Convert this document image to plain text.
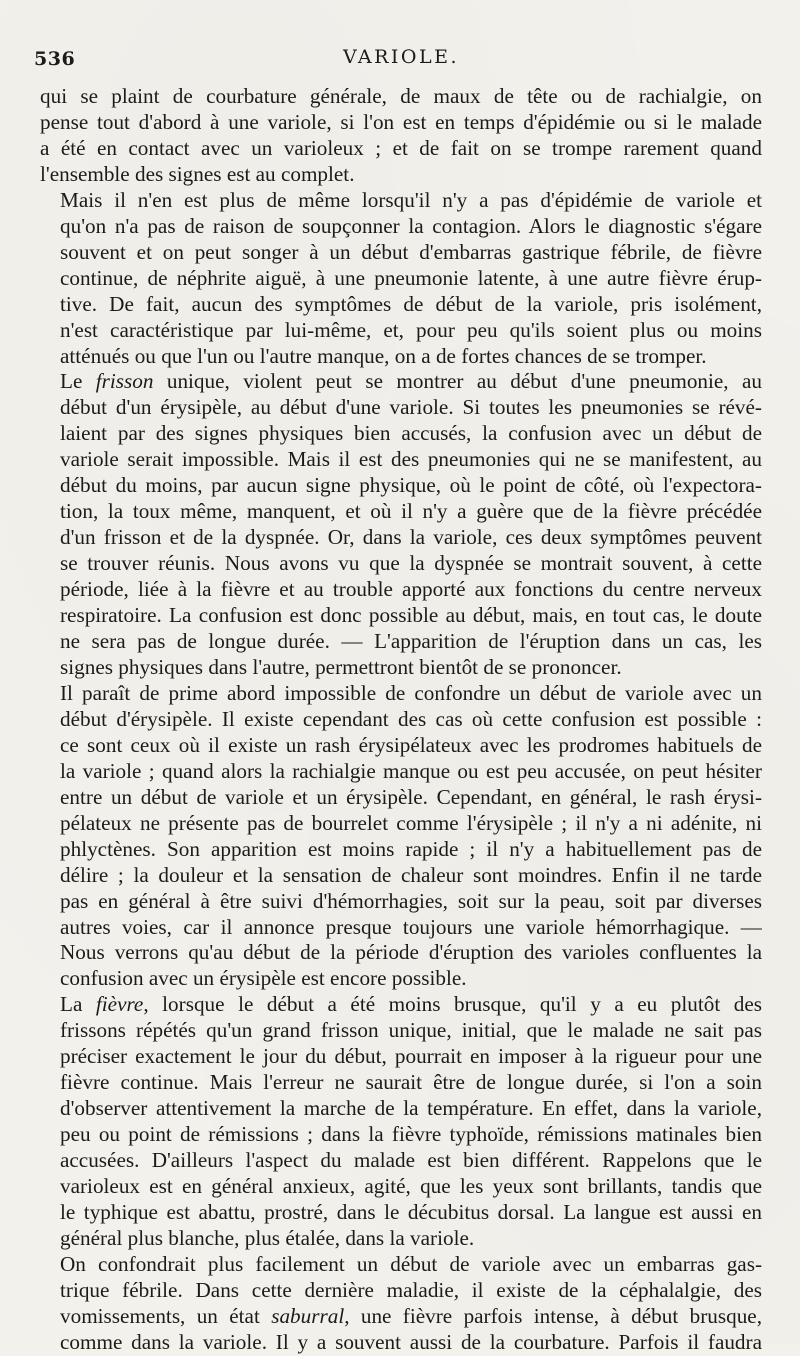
536	VARIOLE.

qui se plaint de courbature générale, de maux de tête ou de rachialgie, on
pense tout d'abord à une variole, si l'on est en temps d'épidémie ou si le malade
a été en contact avec un varioleux ; et de fait on se trompe rarement quand
l'ensemble des signes est au complet.

Mais il n'en est plus de même lorsqu'il n'y a pas d'épidémie de variole et
qu'on n'a pas de raison de soupçonner la contagion. Alors le diagnostic s'égare
souvent et on peut songer à un début d'embarras gastrique fébrile, de fièvre
continue, de néphrite aiguë, à une pneumonie latente, à une autre fièvre érup-
tive. De fait, aucun des symptômes de début de la variole, pris isolément,
n'est caractéristique par lui-même, et, pour peu qu'ils soient plus ou moins
atténués ou que l'un ou l'autre manque, on a de fortes chances de se tromper.

Le frisson unique, violent peut se montrer au début d'une pneumonie, au
début d'un érysipèle, au début d'une variole. Si toutes les pneumonies se révé-
laient par des signes physiques bien accusés, la confusion avec un début de
variole serait impossible. Mais il est des pneumonies qui ne se manifestent, au
début du moins, par aucun signe physique, où le point de côté, où l'expectora-
tion, la toux même, manquent, et où il n'y a guère que de la fièvre précédée
d'un frisson et de la dyspnée. Or, dans la variole, ces deux symptômes peuvent
se trouver réunis. Nous avons vu que la dyspnée se montrait souvent, à cette
période, liée à la fièvre et au trouble apporté aux fonctions du centre nerveux
respiratoire. La confusion est donc possible au début, mais, en tout cas, le doute
ne sera pas de longue durée. — L'apparition de l'éruption dans un cas, les
signes physiques dans l'autre, permettront bientôt de se prononcer.

Il paraît de prime abord impossible de confondre un début de variole avec un
début d'érysipèle. Il existe cependant des cas où cette confusion est possible :
ce sont ceux où il existe un rash érysipélateux avec les prodromes habituels de
la variole ; quand alors la rachialgie manque ou est peu accusée, on peut hésiter
entre un début de variole et un érysipèle. Cependant, en général, le rash érysi-
pélateux ne présente pas de bourrelet comme l'érysipèle ; il n'y a ni adénite, ni
phlyctènes. Son apparition est moins rapide ; il n'y a habituellement pas de
délire ; la douleur et la sensation de chaleur sont moindres. Enfin il ne tarde
pas en général à être suivi d'hémorrhagies, soit sur la peau, soit par diverses
autres voies, car il annonce presque toujours une variole hémorrhagique. —
Nous verrons qu'au début de la période d'éruption des varioles confluentes la
confusion avec un érysipèle est encore possible.

La fièvre, lorsque le début a été moins brusque, qu'il y a eu plutôt des
frissons répétés qu'un grand frisson unique, initial, que le malade ne sait pas
préciser exactement le jour du début, pourrait en imposer à la rigueur pour une
fièvre continue. Mais l'erreur ne saurait être de longue durée, si l'on a soin
d'observer attentivement la marche de la température. En effet, dans la variole,
peu ou point de rémissions ; dans la fièvre typhoïde, rémissions matinales bien
accusées. D'ailleurs l'aspect du malade est bien différent. Rappelons que le
varioleux est en général anxieux, agité, que les yeux sont brillants, tandis que
le typhique est abattu, prostré, dans le décubitus dorsal. La langue est aussi en
général plus blanche, plus étalée, dans la variole.

On confondrait plus facilement un début de variole avec un embarras gas-
trique fébrile. Dans cette dernière maladie, il existe de la céphalalgie, des
vomissements, un état saburral, une fièvre parfois intense, à début brusque,
comme dans la variole. Il y a souvent aussi de la courbature. Parfois il faudra
